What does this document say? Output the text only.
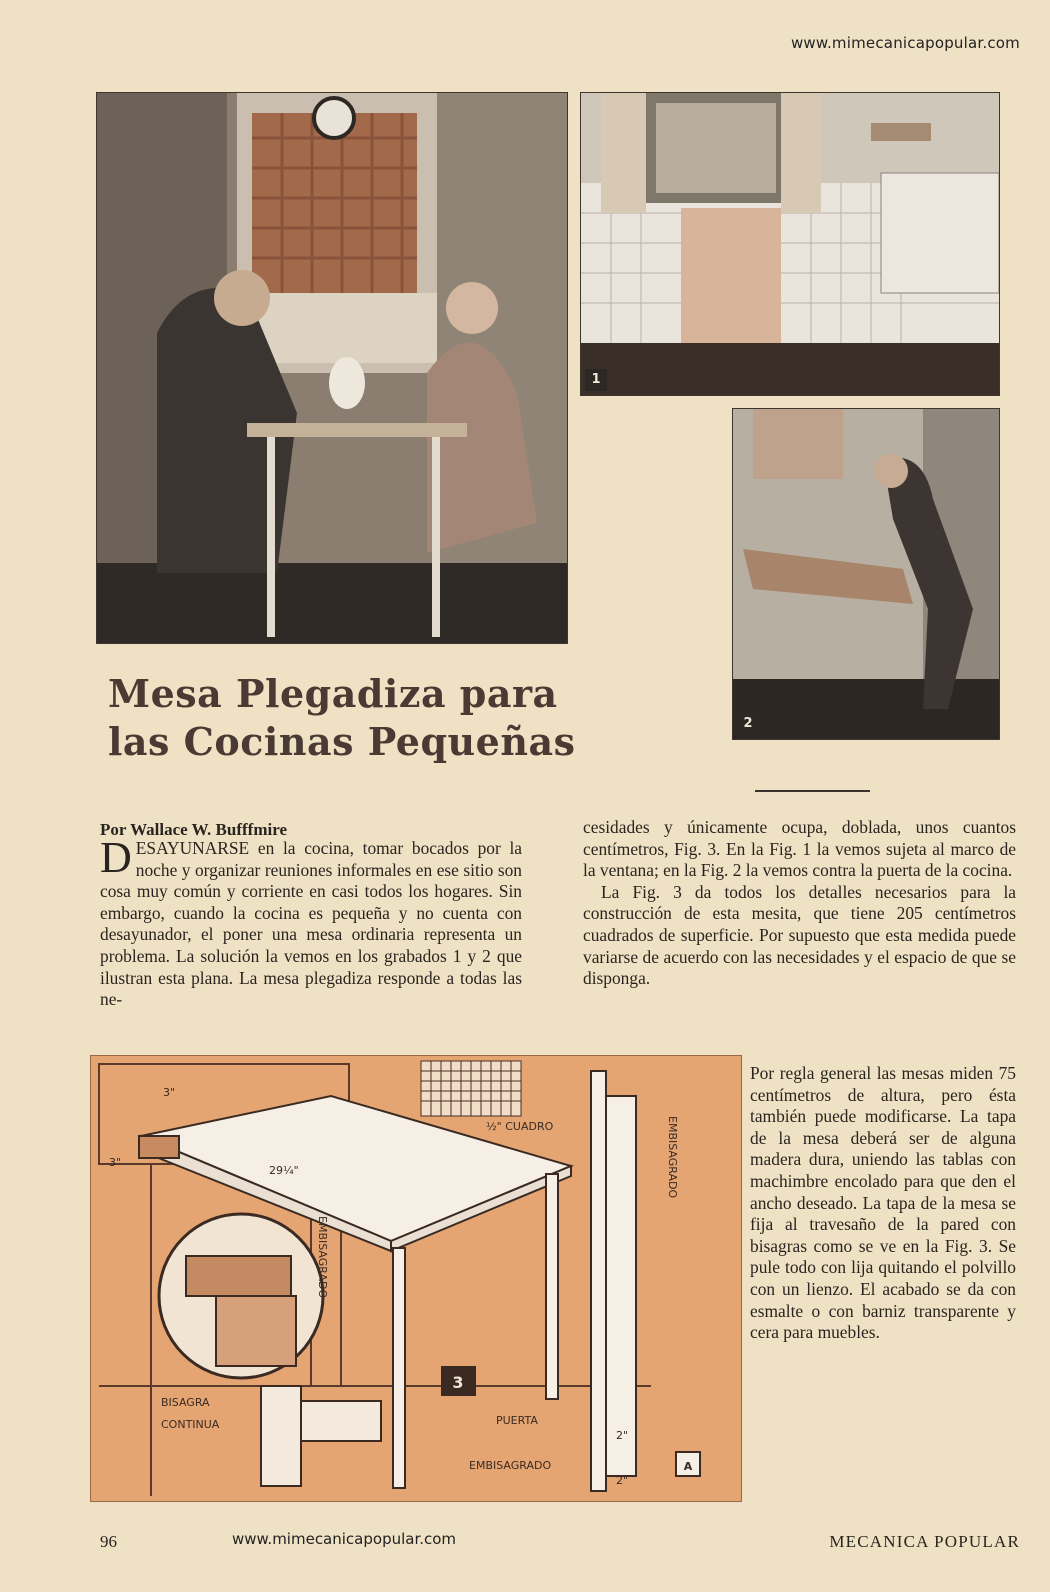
www.mimecanicapopular.com
1
2
Mesa Plegadiza para
las Cocinas Pequeñas
Por Wallace W. Bufffmire

DESAYUNARSE en la cocina, tomar bocados por la noche y organizar reuniones informales en ese sitio son cosa muy común y corriente en casi todos los hogares. Sin embargo, cuando la cocina es pequeña y no cuenta con desayunador, el poner una mesa ordinaria representa un problema. La solución la vemos en los grabados 1 y 2 que ilustran esta plana. La mesa plegadiza responde a todas las ne-

cesidades y únicamente ocupa, doblada, unos cuantos centímetros, Fig. 3. En la Fig. 1 la vemos sujeta al marco de la ventana; en la Fig. 2 la vemos contra la puerta de la cocina.

La Fig. 3 da todos los detalles necesarios para la construcción de esta mesita, que tiene 205 centímetros cuadrados de superficie. Por supuesto que esta medida puede variarse de acuerdo con las necesidades y el espacio de que se disponga.

Por regla general las mesas miden 75 centímetros de altura, pero ésta también puede modificarse. La tapa de la mesa deberá ser de alguna madera dura, uniendo las tablas con machimbre encolado para que den el ancho deseado. La tapa de la mesa se fija al travesaño de la pared con bisagras como se ve en la Fig. 3. Se pule todo con lija quitando el polvillo con un lienzo. El acabado se da con esmalte o con barniz transparente y cera para muebles.

3
A
3"
3"
29¼"
½" CUADRO
EMBISAGRADO
EMBISAGRADO
BISAGRA
CONTINUA	PUERTA
EMBISAGRADO
2"
2"
96	www.mimecanicapopular.com	MECANICA POPULAR
